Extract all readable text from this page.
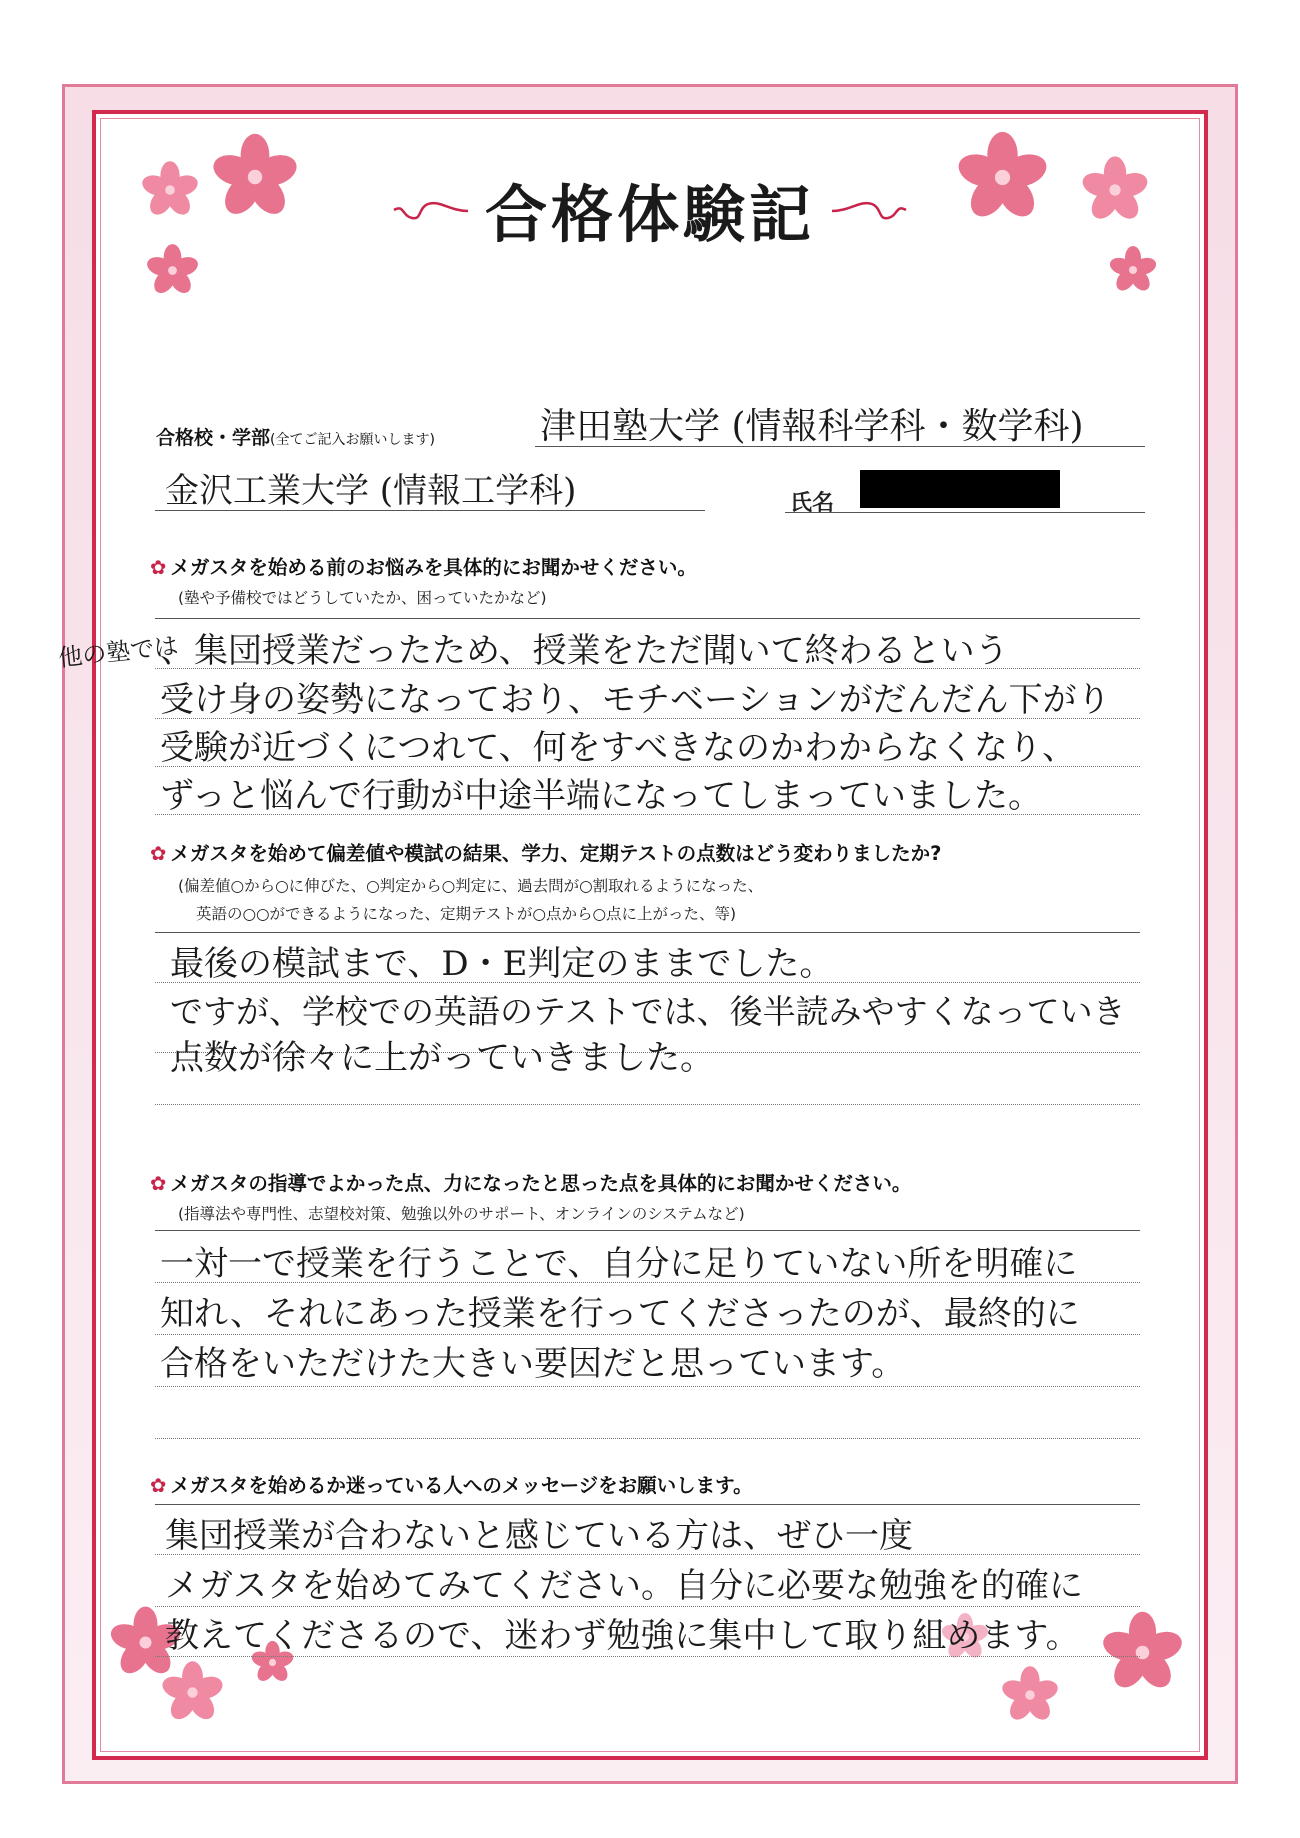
合格体験記
合格校・学部(全てご記入お願いします)	津田塾大学 (情報科学科・数学科)
金沢工業大学 (情報工学科)	氏名
✿ メガスタを始める前のお悩みを具体的にお聞かせください。
(塾や予備校ではどうしていたか、困っていたかなど)
他の塾では
、集団授業だったため、授業をただ聞いて終わるという
受け身の姿勢になっており、モチベーションがだんだん下がり
受験が近づくにつれて、何をすべきなのかわからなくなり、
ずっと悩んで行動が中途半端になってしまっていました。
✿ メガスタを始めて偏差値や模試の結果、学力、定期テストの点数はどう変わりましたか?
(偏差値○から○に伸びた、○判定から○判定に、過去問が○割取れるようになった、
英語の○○ができるようになった、定期テストが○点から○点に上がった、等)
最後の模試まで、D・E判定のままでした。
ですが、学校での英語のテストでは、後半読みやすくなっていき
点数が徐々に上がっていきました。
✿ メガスタの指導でよかった点、力になったと思った点を具体的にお聞かせください。
(指導法や専門性、志望校対策、勉強以外のサポート、オンラインのシステムなど)
一対一で授業を行うことで、自分に足りていない所を明確に
知れ、それにあった授業を行ってくださったのが、最終的に
合格をいただけた大きい要因だと思っています。
✿ メガスタを始めるか迷っている人へのメッセージをお願いします。
集団授業が合わないと感じている方は、ぜひ一度
メガスタを始めてみてください。自分に必要な勉強を的確に
教えてくださるので、迷わず勉強に集中して取り組めます。
